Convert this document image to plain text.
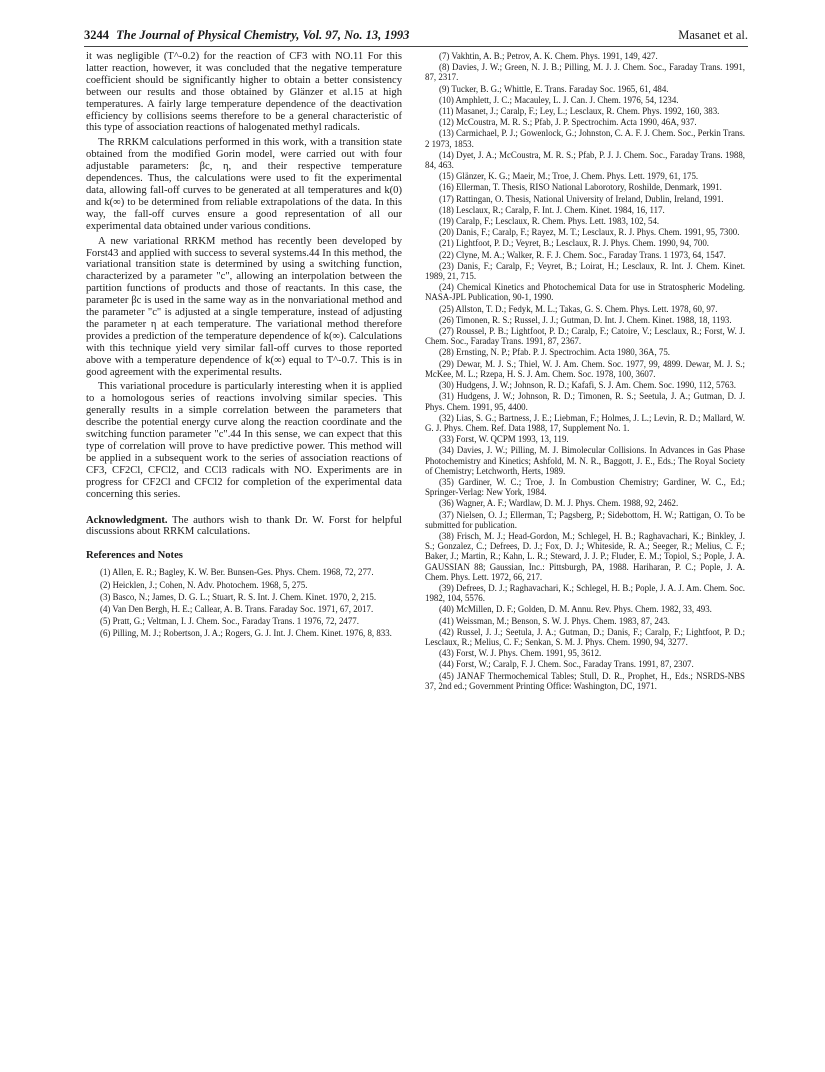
3244 The Journal of Physical Chemistry, Vol. 97, No. 13, 1993	Masanet et al.

it was negligible (T^-0.2) for the reaction of CF3 with NO.11 For this latter reaction, however, it was concluded that the negative temperature coefficient should be significantly higher to obtain a better consistency between our results and those obtained by Glänzer et al.15 at high temperatures. A fairly large temperature dependence of the deactivation efficiency by collisions seems therefore to be a general characteristic of this type of association reactions of halogenated methyl radicals.

The RRKM calculations performed in this work, with a transition state obtained from the modified Gorin model, were carried out with four adjustable parameters: βc, η, and their respective temperature dependences. Thus, the calculations were used to fit the experimental data, allowing fall-off curves to be generated at all temperatures and k(0) and k(∞) to be determined from reliable extrapolations of the data. In this way, the fall-off curves ensure a good representation of all our experimental data obtained under various conditions.

A new variational RRKM method has recently been developed by Forst43 and applied with success to several systems.44 In this method, the variational transition state is determined by using a switching function, characterized by a parameter "c", allowing an interpolation between the partition functions of products and those of reactants. In this case, the parameter βc is used in the same way as in the nonvariational method and the parameter "c" is adjusted at a single temperature, instead of adjusting the parameter η at each temperature. The variational method therefore provides a prediction of the temperature dependence of k(∞). Calculations with this technique yield very similar fall-off curves to those reported above with a temperature dependence of k(∞) equal to T^-0.7. This is in good agreement with the experimental results.

This variational procedure is particularly interesting when it is applied to a homologous series of reactions involving similar species. This generally results in a simple correlation between the parameters that describe the potential energy curve along the reaction coordinate and the switching function parameter "c".44 In this sense, we can expect that this type of correlation will prove to have predictive power. This method will be applied in a subsequent work to the series of association reactions of CF3, CF2Cl, CFCl2, and CCl3 radicals with NO. Experiments are in progress for CF2Cl and CFCl2 for completion of the experimental data concerning this series.

Acknowledgment. The authors wish to thank Dr. W. Forst for helpful discussions about RRKM calculations.
References and Notes

(1) Allen, E. R.; Bagley, K. W. Ber. Bunsen-Ges. Phys. Chem. 1968, 72, 277.

(2) Heicklen, J.; Cohen, N. Adv. Photochem. 1968, 5, 275.

(3) Basco, N.; James, D. G. L.; Stuart, R. S. Int. J. Chem. Kinet. 1970, 2, 215.

(4) Van Den Bergh, H. E.; Callear, A. B. Trans. Faraday Soc. 1971, 67, 2017.

(5) Pratt, G.; Veltman, I. J. Chem. Soc., Faraday Trans. 1 1976, 72, 2477.

(6) Pilling, M. J.; Robertson, J. A.; Rogers, G. J. Int. J. Chem. Kinet. 1976, 8, 833.

(7) Vakhtin, A. B.; Petrov, A. K. Chem. Phys. 1991, 149, 427.

(8) Davies, J. W.; Green, N. J. B.; Pilling, M. J. J. Chem. Soc., Faraday Trans. 1991, 87, 2317.

(9) Tucker, B. G.; Whittle, E. Trans. Faraday Soc. 1965, 61, 484.

(10) Amphlett, J. C.; Macauley, L. J. Can. J. Chem. 1976, 54, 1234.

(11) Masanet, J.; Caralp, F.; Ley, L.; Lesclaux, R. Chem. Phys. 1992, 160, 383.

(12) McCoustra, M. R. S.; Pfab, J. P. Spectrochim. Acta 1990, 46A, 937.

(13) Carmichael, P. J.; Gowenlock, G.; Johnston, C. A. F. J. Chem. Soc., Perkin Trans. 2 1973, 1853.

(14) Dyet, J. A.; McCoustra, M. R. S.; Pfab, P. J. J. Chem. Soc., Faraday Trans. 1988, 84, 463.

(15) Glänzer, K. G.; Maeir, M.; Troe, J. Chem. Phys. Lett. 1979, 61, 175.

(16) Ellerman, T. Thesis, RISO National Laborotory, Roshilde, Denmark, 1991.

(17) Rattingan, O. Thesis, National University of Ireland, Dublin, Ireland, 1991.

(18) Lesclaux, R.; Caralp, F. Int. J. Chem. Kinet. 1984, 16, 117.

(19) Caralp, F.; Lesclaux, R. Chem. Phys. Lett. 1983, 102, 54.

(20) Danis, F.; Caralp, F.; Rayez, M. T.; Lesclaux, R. J. Phys. Chem. 1991, 95, 7300.

(21) Lightfoot, P. D.; Veyret, B.; Lesclaux, R. J. Phys. Chem. 1990, 94, 700.

(22) Clyne, M. A.; Walker, R. F. J. Chem. Soc., Faraday Trans. 1 1973, 64, 1547.

(23) Danis, F.; Caralp, F.; Veyret, B.; Loirat, H.; Lesclaux, R. Int. J. Chem. Kinet. 1989, 21, 715.

(24) Chemical Kinetics and Photochemical Data for use in Stratospheric Modeling. NASA-JPL Publication, 90-1, 1990.

(25) Allston, T. D.; Fedyk, M. L.; Takas, G. S. Chem. Phys. Lett. 1978, 60, 97.

(26) Timonen, R. S.; Russel, J. J.; Gutman, D. Int. J. Chem. Kinet. 1988, 18, 1193.

(27) Roussel, P. B.; Lightfoot, P. D.; Caralp, F.; Catoire, V.; Lesclaux, R.; Forst, W. J. Chem. Soc., Faraday Trans. 1991, 87, 2367.

(28) Ernsting, N. P.; Pfab. P. J. Spectrochim. Acta 1980, 36A, 75.

(29) Dewar, M. J. S.; Thiel, W. J. Am. Chem. Soc. 1977, 99, 4899. Dewar, M. J. S.; McKee, M. L.; Rzepa, H. S. J. Am. Chem. Soc. 1978, 100, 3607.

(30) Hudgens, J. W.; Johnson, R. D.; Kafafi, S. J. Am. Chem. Soc. 1990, 112, 5763.

(31) Hudgens, J. W.; Johnson, R. D.; Timonen, R. S.; Seetula, J. A.; Gutman, D. J. Phys. Chem. 1991, 95, 4400.

(32) Lias, S. G.; Bartness, J. E.; Liebman, F.; Holmes, J. L.; Levin, R. D.; Mallard, W. G. J. Phys. Chem. Ref. Data 1988, 17, Supplement No. 1.

(33) Forst, W. QCPM 1993, 13, 119.

(34) Davies, J. W.; Pilling, M. J. Bimolecular Collisions. In Advances in Gas Phase Photochemistry and Kinetics; Ashfold, M. N. R., Baggott, J. E., Eds.; The Royal Society of Chemistry; Letchworth, Herts, 1989.

(35) Gardiner, W. C.; Troe, J. In Combustion Chemistry; Gardiner, W. C., Ed.; Springer-Verlag: New York, 1984.

(36) Wagner, A. F.; Wardlaw, D. M. J. Phys. Chem. 1988, 92, 2462.

(37) Nielsen, O. J.; Ellerman, T.; Pagsberg, P.; Sidebottom, H. W.; Rattigan, O. To be submitted for publication.

(38) Frisch, M. J.; Head-Gordon, M.; Schlegel, H. B.; Raghavachari, K.; Binkley, J. S.; Gonzalez, C.; Defrees, D. J.; Fox, D. J.; Whiteside, R. A.; Seeger, R.; Melius, C. F.; Baker, J.; Martin, R.; Kahn, L. R.; Steward, J. J. P.; Fluder, E. M.; Topiol, S.; Pople, J. A. GAUSSIAN 88; Gaussian, Inc.: Pittsburgh, PA, 1988. Hariharan, P. C.; Pople, J. A. Chem. Phys. Lett. 1972, 66, 217.

(39) Defrees, D. J.; Raghavachari, K.; Schlegel, H. B.; Pople, J. A. J. Am. Chem. Soc. 1982, 104, 5576.

(40) McMillen, D. F.; Golden, D. M. Annu. Rev. Phys. Chem. 1982, 33, 493.

(41) Weissman, M.; Benson, S. W. J. Phys. Chem. 1983, 87, 243.

(42) Russel, J. J.; Seetula, J. A.; Gutman, D.; Danis, F.; Caralp, F.; Lightfoot, P. D.; Lesclaux, R.; Melius, C. F.; Senkan, S. M. J. Phys. Chem. 1990, 94, 3277.

(43) Forst, W. J. Phys. Chem. 1991, 95, 3612.

(44) Forst, W.; Caralp, F. J. Chem. Soc., Faraday Trans. 1991, 87, 2307.

(45) JANAF Thermochemical Tables; Stull, D. R., Prophet, H., Eds.; NSRDS-NBS 37, 2nd ed.; Government Printing Office: Washington, DC, 1971.
